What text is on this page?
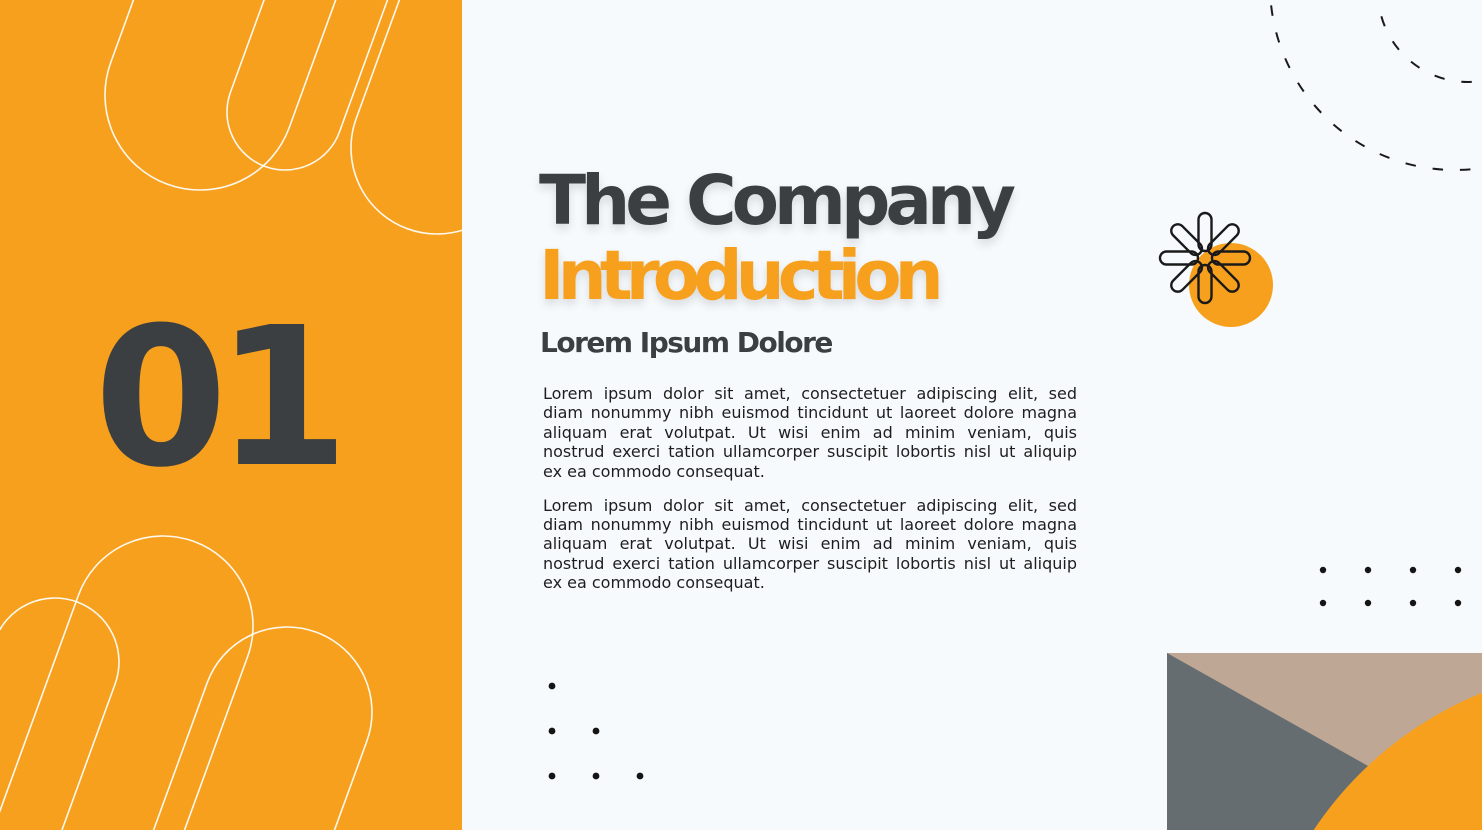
01
The Company
Introduction
Lorem Ipsum Dolore

Lorem ipsum dolor sit amet, consectetuer adipiscing elit, sed diam nonummy nibh euismod tincidunt ut laoreet dolore magna aliquam erat volutpat. Ut wisi enim ad minim veniam, quis nostrud exerci tation ullamcorper suscipit lobortis nisl ut aliquip ex ea commodo consequat.

Lorem ipsum dolor sit amet, consectetuer adipiscing elit, sed diam nonummy nibh euismod tincidunt ut laoreet dolore magna aliquam erat volutpat. Ut wisi enim ad minim veniam, quis nostrud exerci tation ullamcorper suscipit lobortis nisl ut aliquip ex ea commodo consequat.
